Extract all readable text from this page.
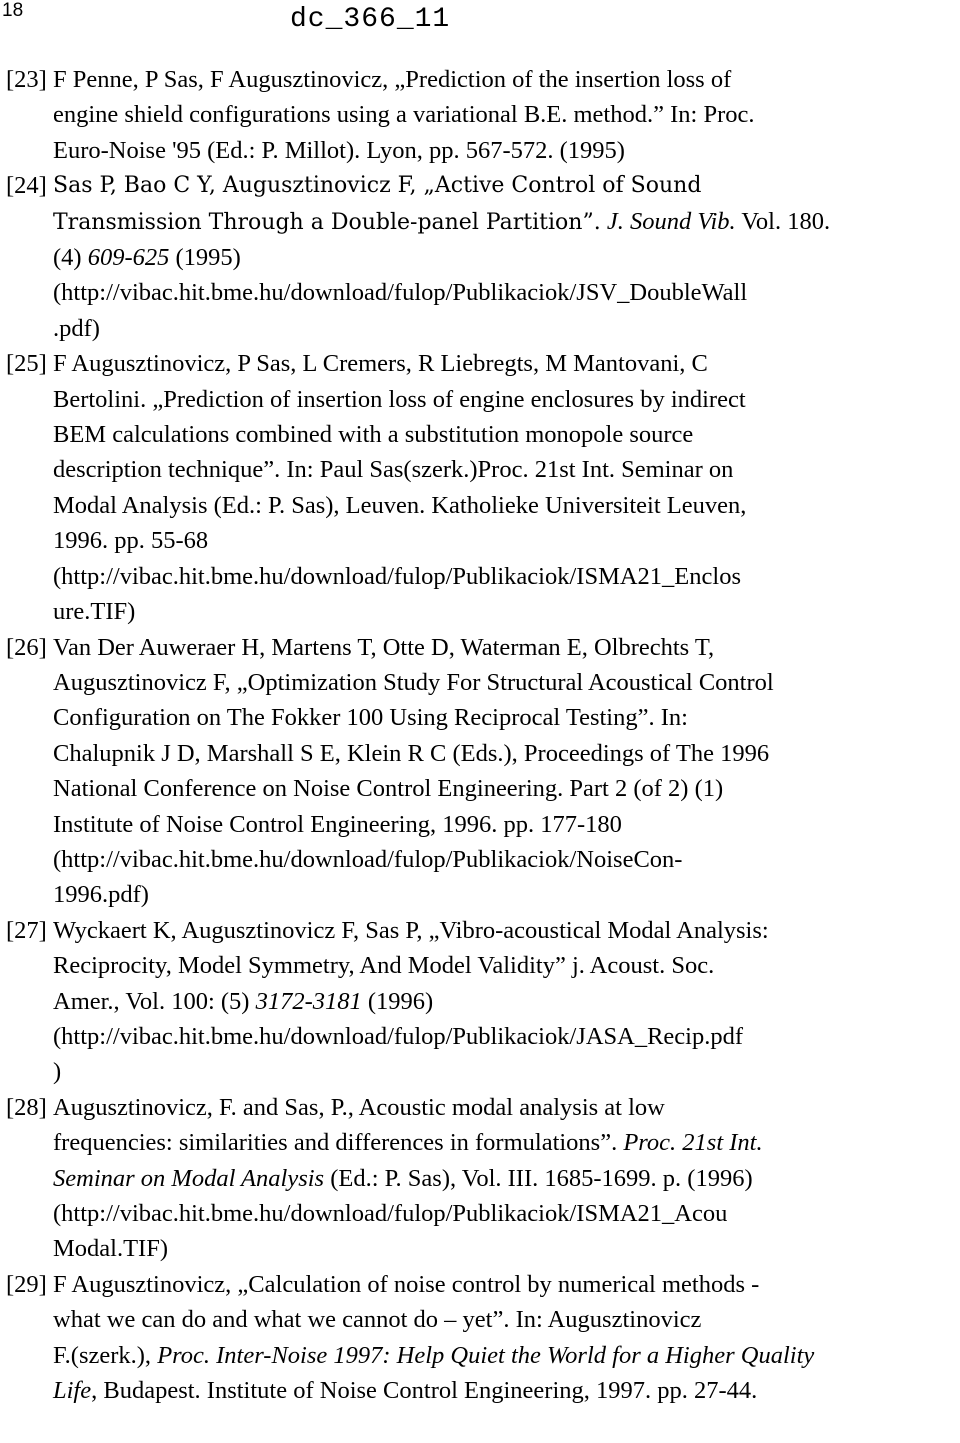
18	dc_366_11
[23] F Penne, P Sas, F Augusztinovicz, „Prediction of the insertion loss of
engine shield configurations using a variational B.E. method.” In: Proc.
Euro-Noise '95 (Ed.: P. Millot). Lyon, pp. 567-572. (1995)
[24] Sas P, Bao C Y, Augusztinovicz F, „Active Control of Sound
Transmission Through a Double-panel Partition”. J. Sound Vib. Vol. 180.
(4) 609-625 (1995)
(http://vibac.hit.bme.hu/download/fulop/Publikaciok/JSV_DoubleWall
.pdf)
[25] F Augusztinovicz, P Sas, L Cremers, R Liebregts, M Mantovani, C
Bertolini. „Prediction of insertion loss of engine enclosures by indirect
BEM calculations combined with a substitution monopole source
description technique”. In: Paul Sas(szerk.)Proc. 21st Int. Seminar on
Modal Analysis (Ed.: P. Sas), Leuven. Katholieke Universiteit Leuven,
1996. pp. 55-68
(http://vibac.hit.bme.hu/download/fulop/Publikaciok/ISMA21_Enclos
ure.TIF)
[26] Van Der Auweraer H, Martens T, Otte D, Waterman E, Olbrechts T,
Augusztinovicz F, „Optimization Study For Structural Acoustical Control
Configuration on The Fokker 100 Using Reciprocal Testing”. In:
Chalupnik J D, Marshall S E, Klein R C (Eds.), Proceedings of The 1996
National Conference on Noise Control Engineering. Part 2 (of 2) (1)
Institute of Noise Control Engineering, 1996. pp. 177-180
(http://vibac.hit.bme.hu/download/fulop/Publikaciok/NoiseCon-
1996.pdf)
[27] Wyckaert K, Augusztinovicz F, Sas P, „Vibro-acoustical Modal Analysis:
Reciprocity, Model Symmetry, And Model Validity” j. Acoust. Soc.
Amer., Vol. 100: (5) 3172-3181 (1996)
(http://vibac.hit.bme.hu/download/fulop/Publikaciok/JASA_Recip.pdf
)
[28] Augusztinovicz, F. and Sas, P., Acoustic modal analysis at low
frequencies: similarities and differences in formulations”. Proc. 21st Int.
Seminar on Modal Analysis (Ed.: P. Sas), Vol. III. 1685-1699. p. (1996)
(http://vibac.hit.bme.hu/download/fulop/Publikaciok/ISMA21_Acou
Modal.TIF)
[29] F Augusztinovicz, „Calculation of noise control by numerical methods -
what we can do and what we cannot do – yet”. In: Augusztinovicz
F.(szerk.), Proc. Inter-Noise 1997: Help Quiet the World for a Higher Quality
Life, Budapest. Institute of Noise Control Engineering, 1997. pp. 27-44.
